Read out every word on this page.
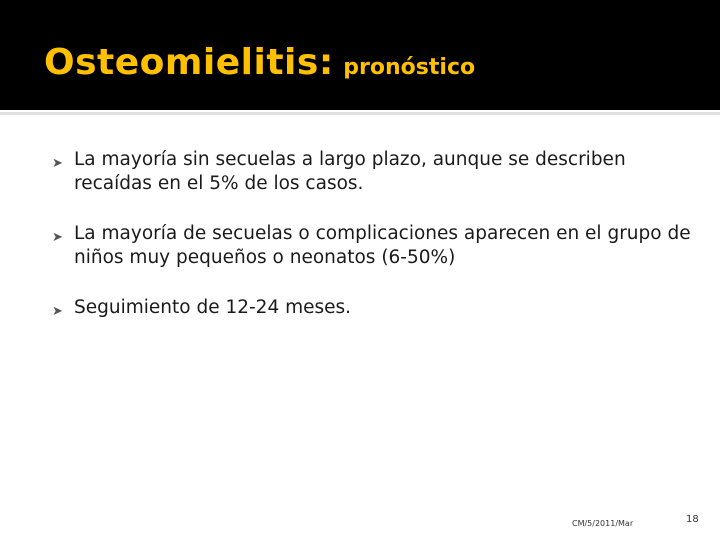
Osteomielitis: pronóstico
➤ La mayoría sin secuelas a largo plazo, aunque se describen recaídas en el 5% de los casos.
➤ La mayoría de secuelas o complicaciones aparecen en el grupo de niños muy pequeños o neonatos (6-50%)
➤ Seguimiento de 12-24 meses.
CM/5/2011/Mar	18
